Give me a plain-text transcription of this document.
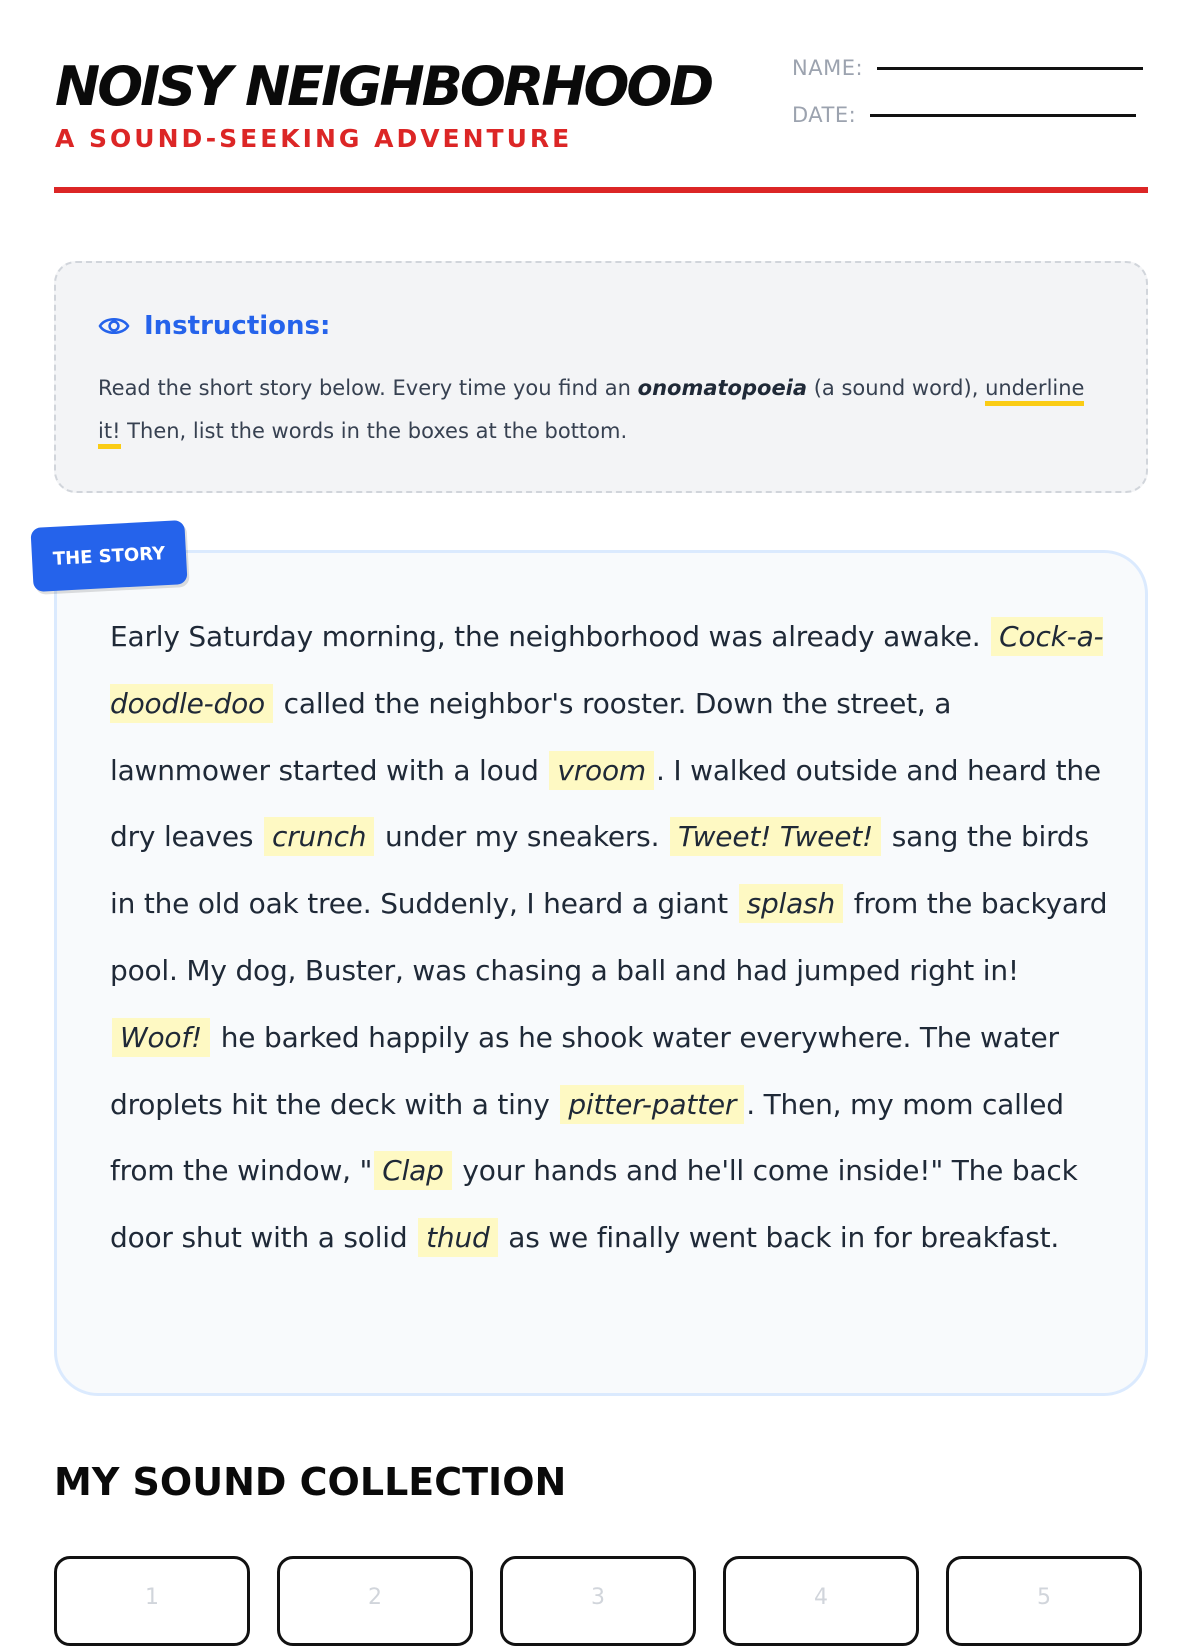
NOISY NEIGHBORHOOD
A SOUND-SEEKING ADVENTURE
NAME:
DATE:
Instructions:

Read the short story below. Every time you find an onomatopoeia (a sound word), underline it! Then, list the words in the boxes at the bottom.

THE STORY

Early Saturday morning, the neighborhood was already awake. Cock-a-doodle-doo called the neighbor's rooster. Down the street, a lawnmower started with a loud vroom . I walked outside and heard the dry leaves crunch under my sneakers. Tweet! Tweet! sang the birds in the old oak tree. Suddenly, I heard a giant splash from the backyard pool. My dog, Buster, was chasing a ball and had jumped right in! Woof! he barked happily as he shook water everywhere. The water droplets hit the deck with a tiny pitter-patter . Then, my mom called from the window, " Clap your hands and he'll come inside!" The back door shut with a solid thud as we finally went back in for breakfast.

MY SOUND COLLECTION
1	2	3	4	5
